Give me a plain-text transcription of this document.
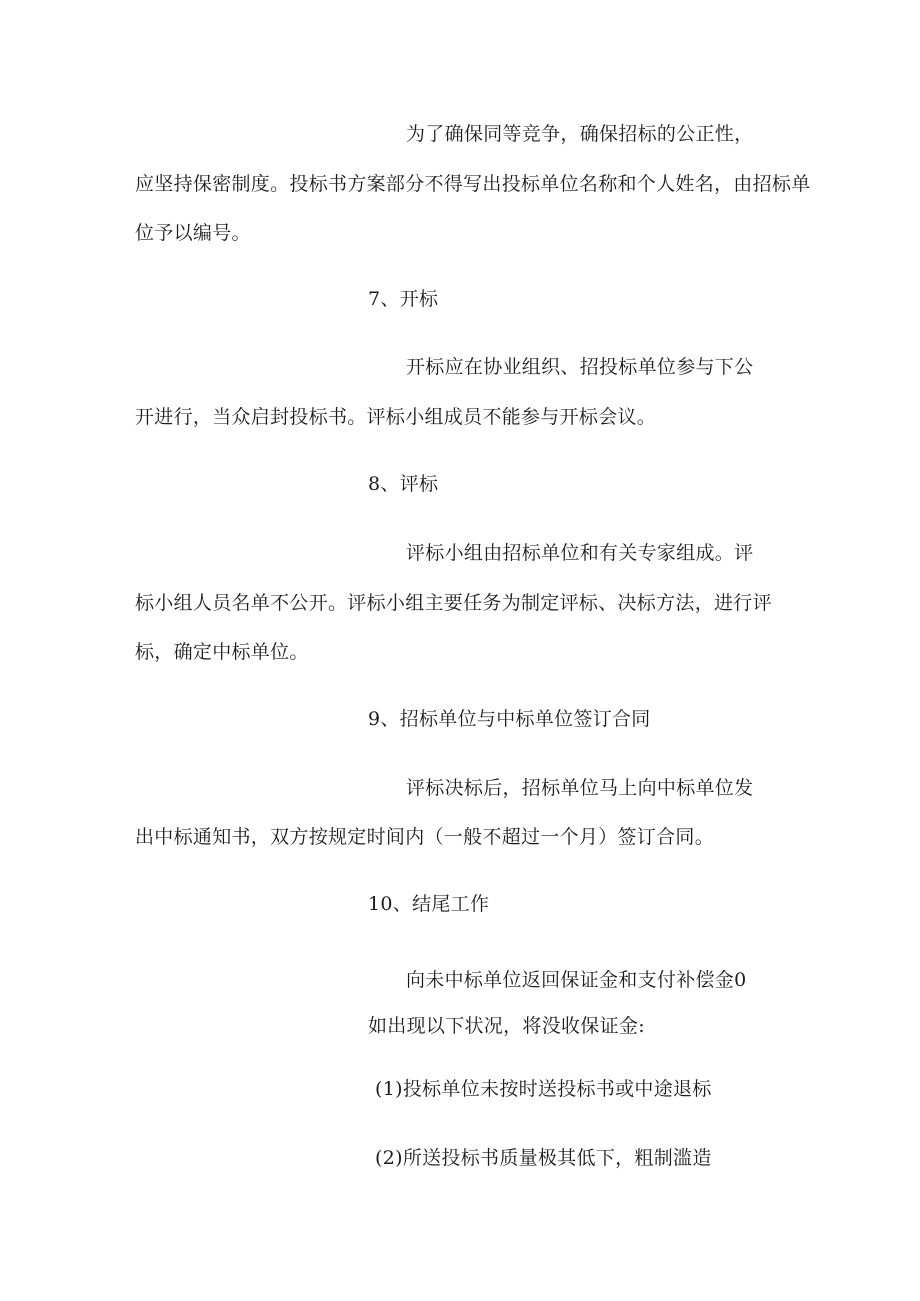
为了确保同等竞争，确保招标的公正性，
应坚持保密制度。投标书方案部分不得写出投标单位名称和个人姓名，由招标单
位予以编号。
7、开标
开标应在协业组织、招投标单位参与下公
开进行，当众启封投标书。评标小组成员不能参与开标会议。
8、评标
评标小组由招标单位和有关专家组成。评
标小组人员名单不公开。评标小组主要任务为制定评标、决标方法，进行评
标，确定中标单位。
9、招标单位与中标单位签订合同
评标决标后，招标单位马上向中标单位发
出中标通知书，双方按规定时间内（一般不超过一个月）签订合同。
10、结尾工作
向未中标单位返回保证金和支付补偿金0
如出现以下状况，将没收保证金:
(1)投标单位未按时送投标书或中途退标
(2)所送投标书质量极其低下，粗制滥造
